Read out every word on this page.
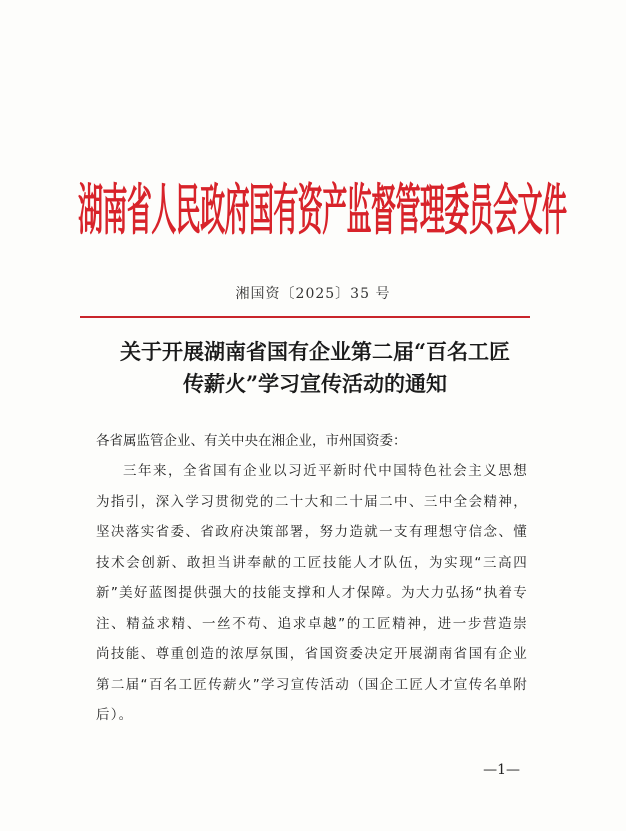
湖南省人民政府国有资产监督管理委员会文件
湘国资〔2025〕35 号
关于开展湖南省国有企业第二届“百名工匠
传薪火”学习宣传活动的通知

各省属监管企业、有关中央在湘企业，市州国资委：

三年来，全省国有企业以习近平新时代中国特色社会主义思想为指引，深入学习贯彻党的二十大和二十届二中、三中全会精神，坚决落实省委、省政府决策部署，努力造就一支有理想守信念、懂技术会创新、敢担当讲奉献的工匠技能人才队伍，为实现“三高四新”美好蓝图提供强大的技能支撑和人才保障。为大力弘扬“执着专注、精益求精、一丝不苟、追求卓越”的工匠精神，进一步营造崇尚技能、尊重创造的浓厚氛围，省国资委决定开展湖南省国有企业第二届“百名工匠传薪火”学习宣传活动（国企工匠人才宣传名单附后）。

—1—
